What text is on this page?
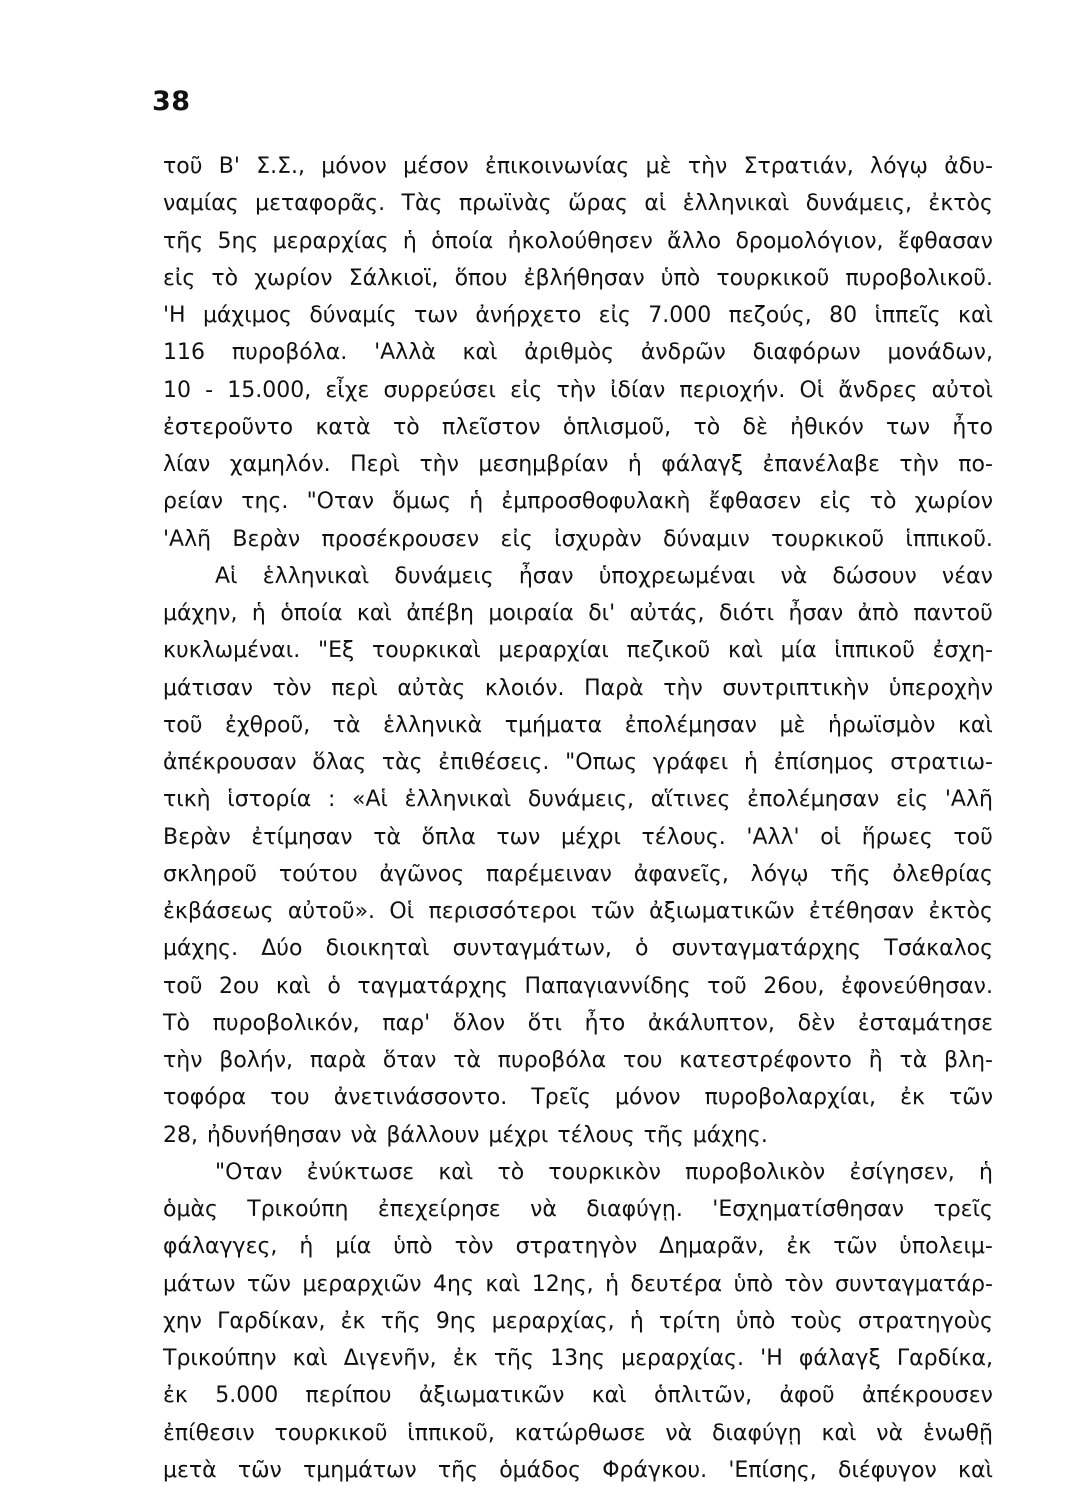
38
τοῦ Β' Σ.Σ., μόνον μέσον ἐπικοινωνίας μὲ τὴν Στρατιάν, λόγῳ ἀδυ-
ναμίας μεταφορᾶς. Τὰς πρωϊνὰς ὥρας αἱ ἑλληνικαὶ δυνάμεις, ἐκτὸς
τῆς 5ης μεραρχίας ἡ ὁποία ἠκολούθησεν ἄλλο δρομολόγιον, ἔφθασαν
εἰς τὸ χωρίον Σάλκιοϊ, ὅπου ἐβλήθησαν ὑπὸ τουρκικοῦ πυροβολικοῦ.
'Η μάχιμος δύναμίς των ἀνήρχετο εἰς 7.000 πεζούς, 80 ἱππεῖς καὶ
116 πυροβόλα. 'Αλλὰ καὶ ἀριθμὸς ἀνδρῶν διαφόρων μονάδων,
10 - 15.000, εἶχε συρρεύσει εἰς τὴν ἰδίαν περιοχήν. Οἱ ἄνδρες αὐτοὶ
ἐστεροῦντο κατὰ τὸ πλεῖστον ὁπλισμοῦ, τὸ δὲ ἠθικόν των ἦτο
λίαν χαμηλόν. Περὶ τὴν μεσημβρίαν ἡ φάλαγξ ἐπανέλαβε τὴν πο-
ρείαν της. "Οταν ὅμως ἡ ἐμπροσθοφυλακὴ ἔφθασεν εἰς τὸ χωρίον
'Αλῆ Βερὰν προσέκρουσεν εἰς ἰσχυρὰν δύναμιν τουρκικοῦ ἱππικοῦ.
Αἱ ἑλληνικαὶ δυνάμεις ἦσαν ὑποχρεωμέναι νὰ δώσουν νέαν
μάχην, ἡ ὁποία καὶ ἀπέβη μοιραία δι' αὐτάς, διότι ἦσαν ἀπὸ παντοῦ
κυκλωμέναι. "Εξ τουρκικαὶ μεραρχίαι πεζικοῦ καὶ μία ἱππικοῦ ἐσχη-
μάτισαν τὸν περὶ αὐτὰς κλοιόν. Παρὰ τὴν συντριπτικὴν ὑπεροχὴν
τοῦ ἐχθροῦ, τὰ ἑλληνικὰ τμήματα ἐπολέμησαν μὲ ἡρωϊσμὸν καὶ
ἀπέκρουσαν ὅλας τὰς ἐπιθέσεις. "Οπως γράφει ἡ ἐπίσημος στρατιω-
τικὴ ἱστορία : «Αἱ ἑλληνικαὶ δυνάμεις, αἵτινες ἐπολέμησαν εἰς 'Αλῆ
Βερὰν ἐτίμησαν τὰ ὅπλα των μέχρι τέλους. 'Αλλ' οἱ ἥρωες τοῦ
σκληροῦ τούτου ἀγῶνος παρέμειναν ἀφανεῖς, λόγῳ τῆς ὀλεθρίας
ἐκβάσεως αὐτοῦ». Οἱ περισσότεροι τῶν ἀξιωματικῶν ἐτέθησαν ἐκτὸς
μάχης. Δύο διοικηταὶ συνταγμάτων, ὁ συνταγματάρχης Τσάκαλος
τοῦ 2ου καὶ ὁ ταγματάρχης Παπαγιαννίδης τοῦ 26ου, ἐφονεύθησαν.
Τὸ πυροβολικόν, παρ' ὅλον ὅτι ἦτο ἀκάλυπτον, δὲν ἐσταμάτησε
τὴν βολήν, παρὰ ὅταν τὰ πυροβόλα του κατεστρέφοντο ἢ τὰ βλη-
τοφόρα του ἀνετινάσσοντο. Τρεῖς μόνον πυροβολαρχίαι, ἐκ τῶν
28, ἠδυνήθησαν νὰ βάλλουν μέχρι τέλους τῆς μάχης.
"Οταν ἐνύκτωσε καὶ τὸ τουρκικὸν πυροβολικὸν ἐσίγησεν, ἡ
ὁμὰς Τρικούπη ἐπεχείρησε νὰ διαφύγῃ. 'Εσχηματίσθησαν τρεῖς
φάλαγγες, ἡ μία ὑπὸ τὸν στρατηγὸν Δημαρᾶν, ἐκ τῶν ὑπολειμ-
μάτων τῶν μεραρχιῶν 4ης καὶ 12ης, ἡ δευτέρα ὑπὸ τὸν συνταγματάρ-
χην Γαρδίκαν, ἐκ τῆς 9ης μεραρχίας, ἡ τρίτη ὑπὸ τοὺς στρατηγοὺς
Τρικούπην καὶ Διγενῆν, ἐκ τῆς 13ης μεραρχίας. 'Η φάλαγξ Γαρδίκα,
ἐκ 5.000 περίπου ἀξιωματικῶν καὶ ὁπλιτῶν, ἀφοῦ ἀπέκρουσεν
ἐπίθεσιν τουρκικοῦ ἱππικοῦ, κατώρθωσε νὰ διαφύγῃ καὶ νὰ ἑνωθῇ
μετὰ τῶν τμημάτων τῆς ὁμάδος Φράγκου. 'Επίσης, διέφυγον καὶ
